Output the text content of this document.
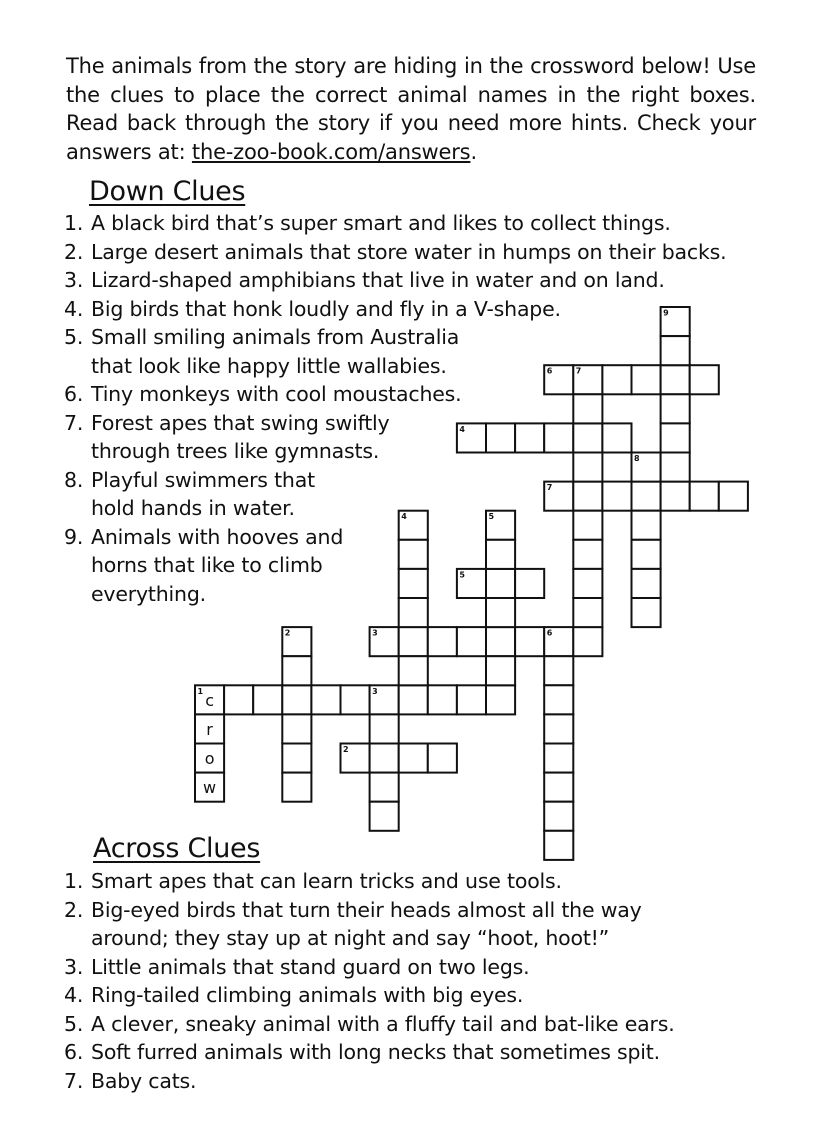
The animals from the story are hiding in the crossword below! Use the clues to place the correct animal names in the right boxes. Read back through the story if you need more hints. Check your answers at: the-zoo-book.com/answers.
Down Clues
1. A black bird that’s super smart and likes to collect things.
2. Large desert animals that store water in humps on their backs.
3. Lizard-shaped amphibians that live in water and on land.
4. Big birds that honk loudly and fly in a V-shape.
5. Small smiling animals from Australia that look like happy little wallabies.
6. Tiny monkeys with cool moustaches.
7. Forest apes that swing swiftly through trees like gymnasts.
8. Playful swimmers that hold hands in water.
9. Animals with hooves and horns that like to climb everything.
1 c	3
2
3	6
4
5
6	7
7
r
o
w
2
4	5
8
9
Across Clues
1. Smart apes that can learn tricks and use tools.
2. Big-eyed birds that turn their heads almost all the way around; they stay up at night and say “hoot, hoot!”
3. Little animals that stand guard on two legs.
4. Ring-tailed climbing animals with big eyes.
5. A clever, sneaky animal with a fluffy tail and bat-like ears.
6. Soft furred animals with long necks that sometimes spit.
7. Baby cats.
